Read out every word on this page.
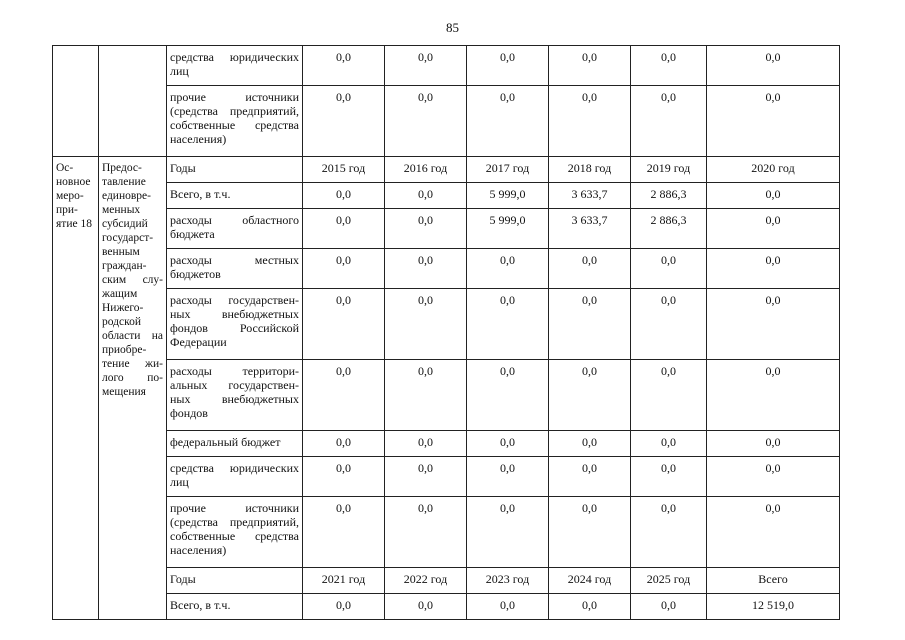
85
		средства юридических лиц	0,0	0,0	0,0	0,0	0,0	0,0
		прочие источники (средства предприятий, собственные средства населения)	0,0	0,0	0,0	0,0	0,0	0,0
Ос- новное меро- при- ятие 18	Предос- тавление единовре- менных субсидий государст- венным граждан- ским слу- жащим Нижего- родской области на приобре- тение жи- лого по- мещения	Годы	2015 год	2016 год	2017 год	2018 год	2019 год	2020 год
		Всего, в т.ч.	0,0	0,0	5 999,0	3 633,7	2 886,3	0,0
		расходы областного бюджета	0,0	0,0	5 999,0	3 633,7	2 886,3	0,0
		расходы местных бюджетов	0,0	0,0	0,0	0,0	0,0	0,0
		расходы государствен- ных внебюджетных фондов Российской Федерации	0,0	0,0	0,0	0,0	0,0	0,0
		расходы территори- альных государствен- ных внебюджетных фондов	0,0	0,0	0,0	0,0	0,0	0,0
		федеральный бюджет	0,0	0,0	0,0	0,0	0,0	0,0
		средства юридических лиц	0,0	0,0	0,0	0,0	0,0	0,0
		прочие источники (средства предприятий, собственные средства населения)	0,0	0,0	0,0	0,0	0,0	0,0
		Годы	2021 год	2022 год	2023 год	2024 год	2025 год	Всего
		Всего, в т.ч.	0,0	0,0	0,0	0,0	0,0	12 519,0
